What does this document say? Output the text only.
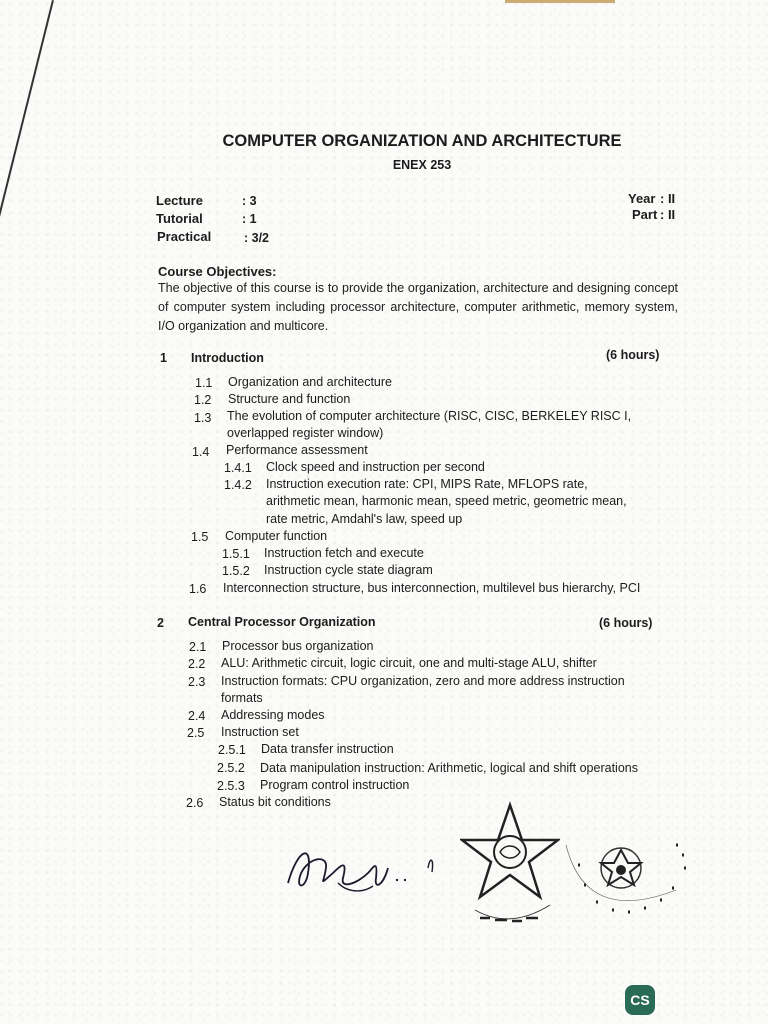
COMPUTER ORGANIZATION AND ARCHITECTURE
ENEX 253
Lecture	: 3
Tutorial	: 1
Practical	: 3/2
Year : II
Part : II
Course Objectives:
The objective of this course is to provide the organization, architecture and designing concept of computer system including processor architecture, computer arithmetic, memory system, I/O organization and multicore.
1 Introduction	(6 hours)
1.1 Organization and architecture
1.2 Structure and function
1.3 The evolution of computer architecture (RISC, CISC, BERKELEY RISC I,
overlapped register window)
1.4 Performance assessment
1.4.1 Clock speed and instruction per second
1.4.2 Instruction execution rate: CPI, MIPS Rate, MFLOPS rate,
arithmetic mean, harmonic mean, speed metric, geometric mean,
rate metric, Amdahl's law, speed up
1.5 Computer function
1.5.1 Instruction fetch and execute
1.5.2 Instruction cycle state diagram
1.6 Interconnection structure, bus interconnection, multilevel bus hierarchy, PCI
2 Central Processor Organization	(6 hours)
2.1 Processor bus organization
2.2 ALU: Arithmetic circuit, logic circuit, one and multi-stage ALU, shifter
2.3 Instruction formats: CPU organization, zero and more address instruction
formats
2.4 Addressing modes
2.5 Instruction set
2.5.1 Data transfer instruction
2.5.2 Data manipulation instruction: Arithmetic, logical and shift operations
2.5.3 Program control instruction
2.6 Status bit conditions
CS
